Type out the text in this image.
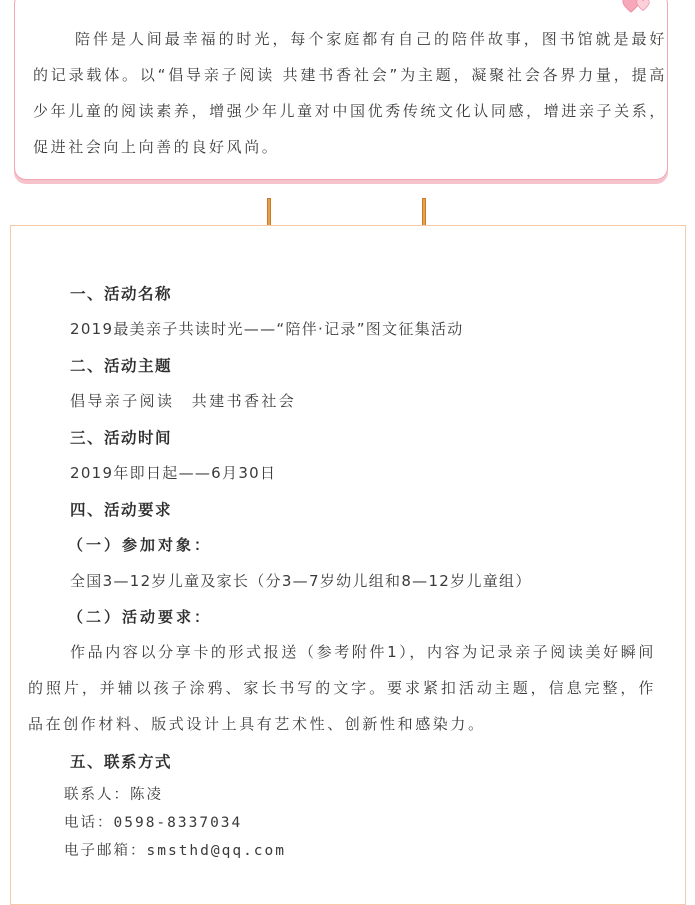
陪伴是人间最幸福的时光，每个家庭都有自己的陪伴故事，图书馆就是最好的记录载体。以“倡导亲子阅读 共建书香社会”为主题，凝聚社会各界力量，提高少年儿童的阅读素养，增强少年儿童对中国优秀传统文化认同感，增进亲子关系，促进社会向上向善的良好风尚。

一、活动名称
2019最美亲子共读时光——“陪伴·记录”图文征集活动
二、活动主题
倡导亲子阅读　共建书香社会
三、活动时间
2019年即日起——6月30日
四、活动要求
（一）参加对象：
全国3—12岁儿童及家长（分3—7岁幼儿组和8—12岁儿童组）
（二）活动要求：

作品内容以分享卡的形式报送（参考附件1），内容为记录亲子阅读美好瞬间的照片，并辅以孩子涂鸦、家长书写的文字。要求紧扣活动主题，信息完整，作品在创作材料、版式设计上具有艺术性、创新性和感染力。

五、联系方式
联系人：陈凌
电话：0598-8337034
电子邮箱：smsthd@qq.com
